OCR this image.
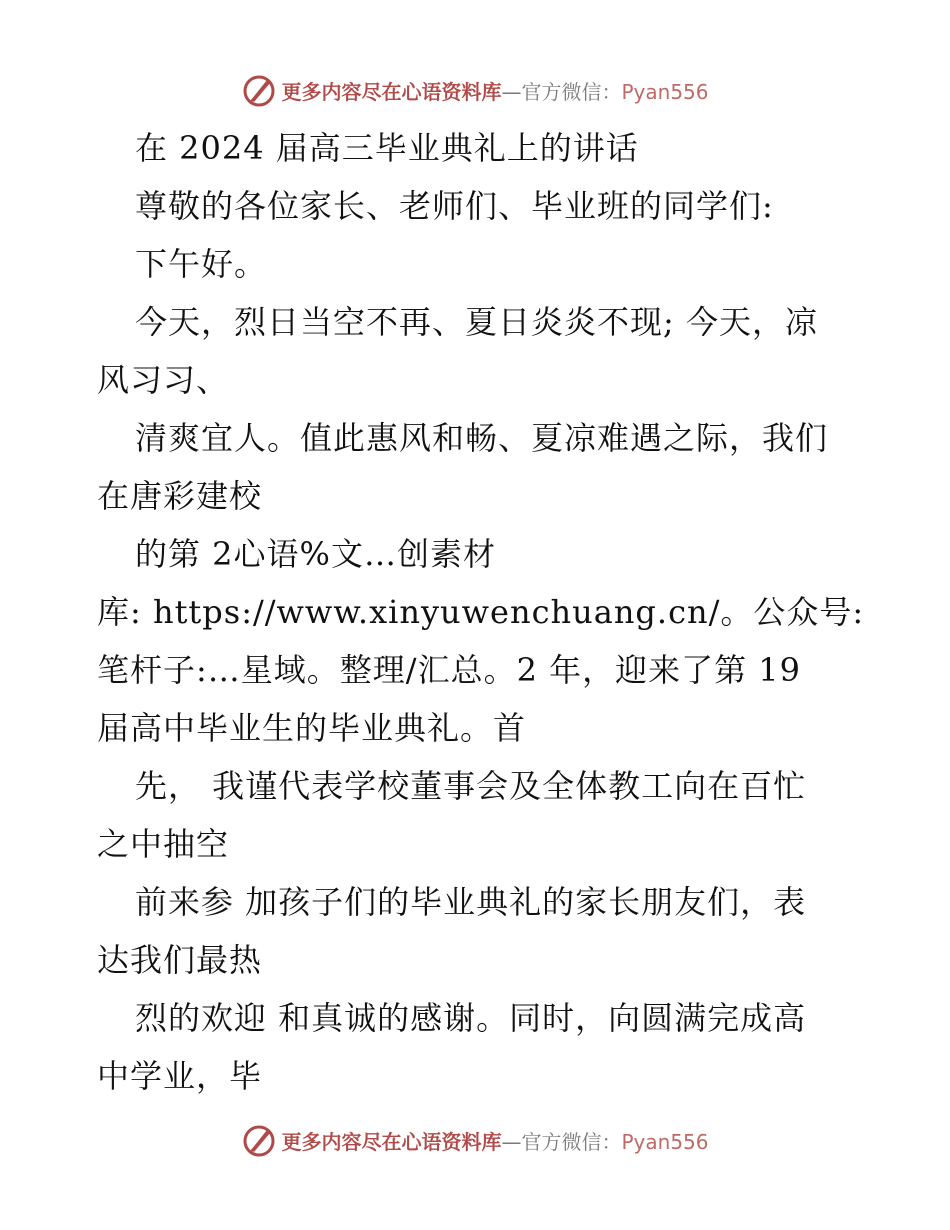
更多内容尽在心语资料库—官方微信：Pyan556
在 2024 届高三毕业典礼上的讲话
尊敬的各位家长、老师们、毕业班的同学们:
下午好。
今天，烈日当空不再、夏日炎炎不现; 今天，凉
风习习、
清爽宜人。值此惠风和畅、夏凉难遇之际，我们
在唐彩建校
的第 2心语%文…创素材
库: https://www.xinyuwenchuang.cn/。公众号:
笔杆子:…星域。整理/汇总。2 年，迎来了第 19
届高中毕业生的毕业典礼。首
先， 我谨代表学校董事会及全体教工向在百忙
之中抽空
前来参 加孩子们的毕业典礼的家长朋友们，表
达我们最热
烈的欢迎 和真诚的感谢。同时，向圆满完成高
中学业，毕
更多内容尽在心语资料库—官方微信：Pyan556
